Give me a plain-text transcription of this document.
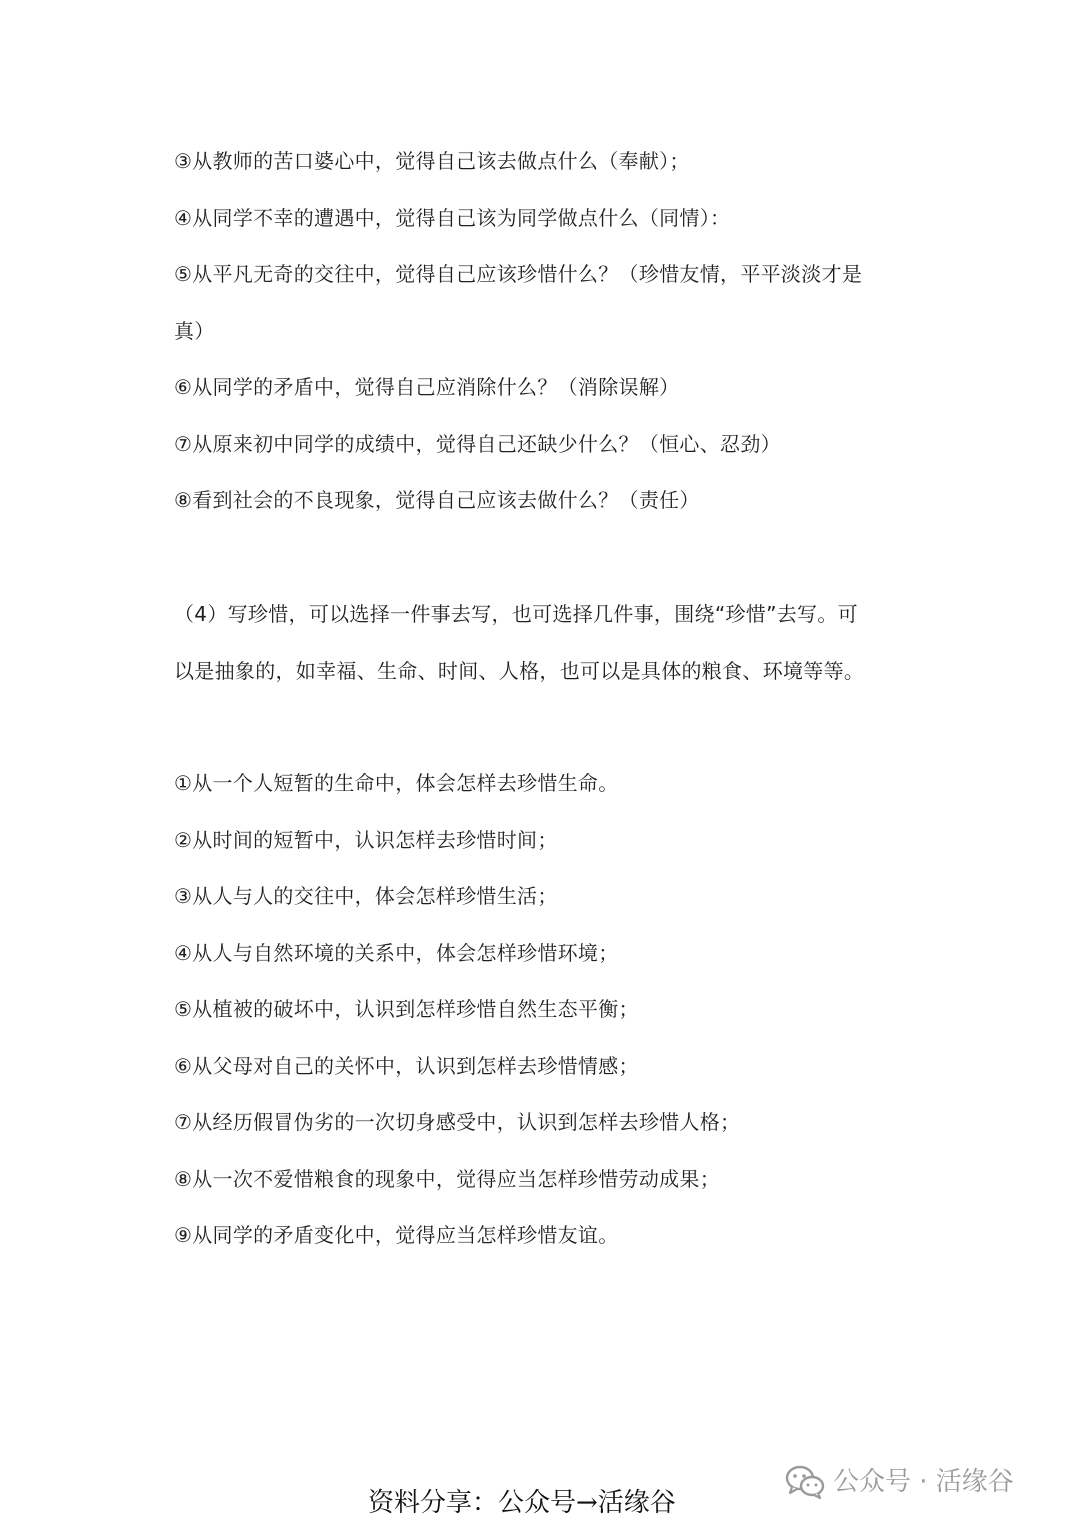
③从教师的苦口婆心中，觉得自己该去做点什么（奉献）；
④从同学不幸的遭遇中，觉得自己该为同学做点什么（同情）：
⑤从平凡无奇的交往中，觉得自己应该珍惜什么？（珍惜友情，平平淡淡才是
真）
⑥从同学的矛盾中，觉得自己应消除什么？（消除误解）
⑦从原来初中同学的成绩中，觉得自己还缺少什么？（恒心、忍劲）
⑧看到社会的不良现象，觉得自己应该去做什么？（责任）
（4）写珍惜，可以选择一件事去写，也可选择几件事，围绕“珍惜”去写。可
以是抽象的，如幸福、生命、时间、人格，也可以是具体的粮食、环境等等。
①从一个人短暂的生命中，体会怎样去珍惜生命。
②从时间的短暂中，认识怎样去珍惜时间；
③从人与人的交往中，体会怎样珍惜生活；
④从人与自然环境的关系中，体会怎样珍惜环境；
⑤从植被的破坏中，认识到怎样珍惜自然生态平衡；
⑥从父母对自己的关怀中，认识到怎样去珍惜情感；
⑦从经历假冒伪劣的一次切身感受中，认识到怎样去珍惜人格；
⑧从一次不爱惜粮食的现象中，觉得应当怎样珍惜劳动成果；
⑨从同学的矛盾变化中，觉得应当怎样珍惜友谊。
公众号 · 活缘谷
资料分享：公众号→活缘谷
